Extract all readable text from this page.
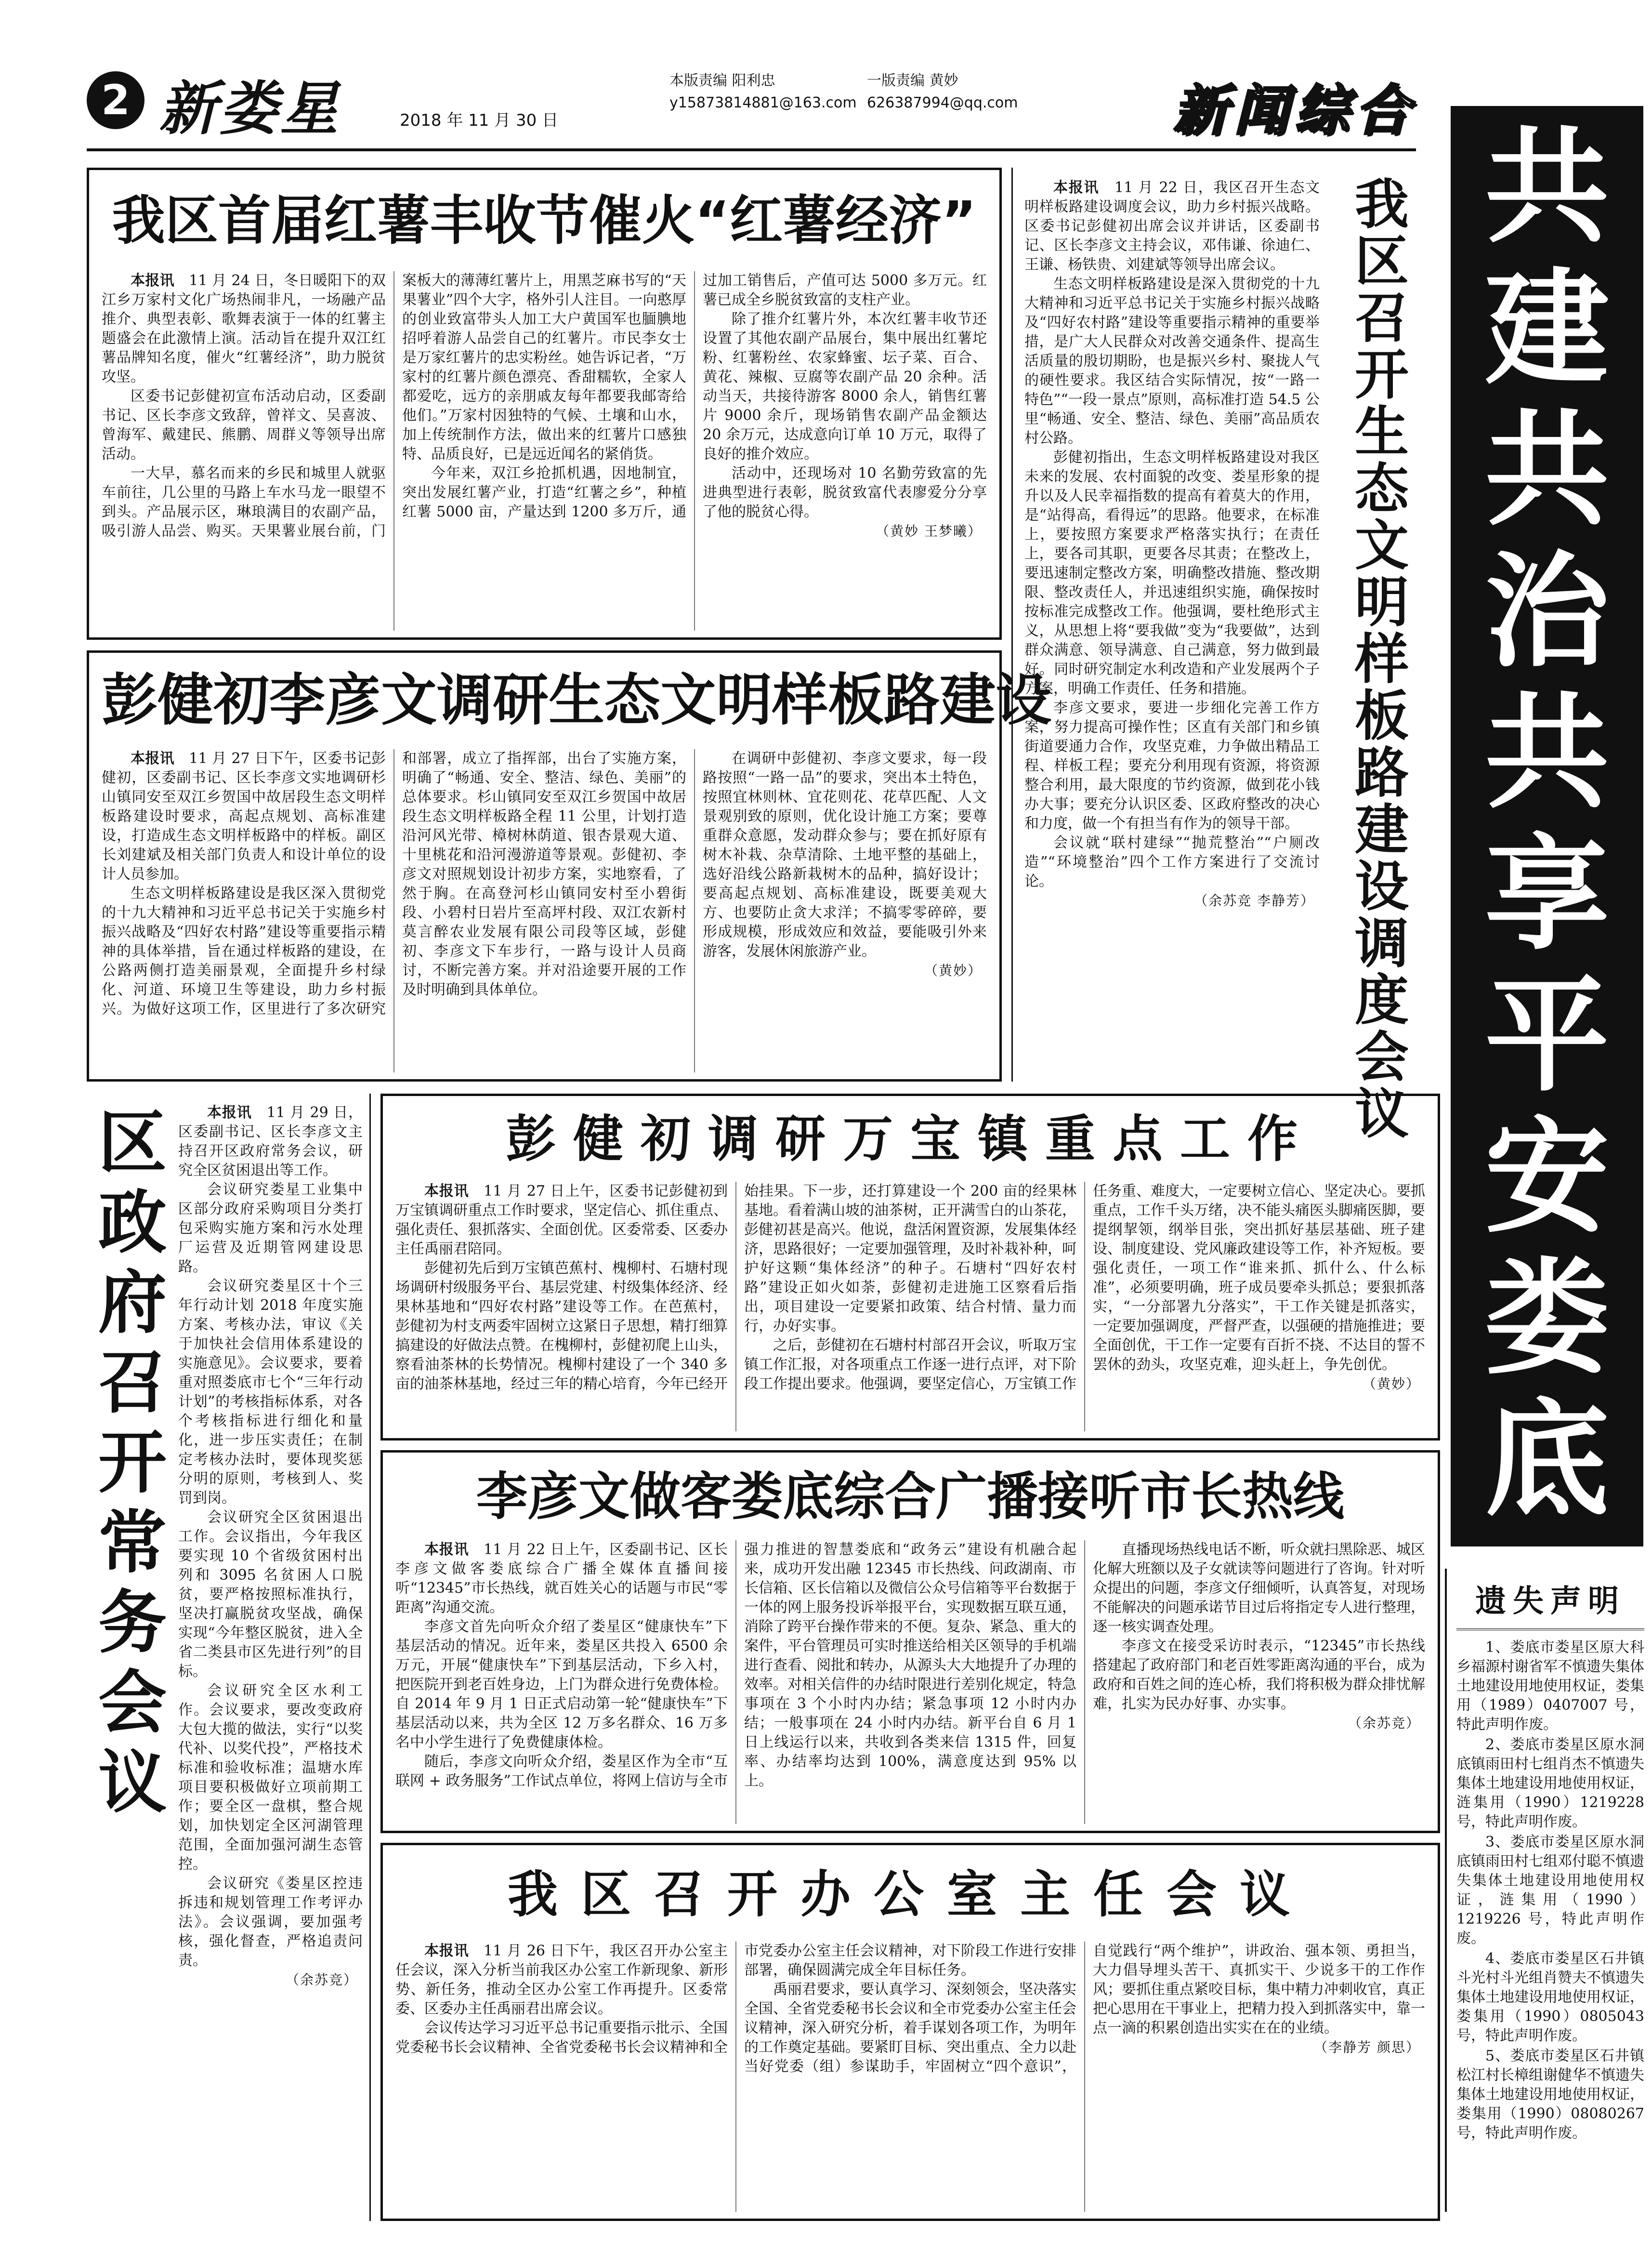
2 新娄星	2018 年 11 月 30 日
本版责编 阳利忠
y15873814881@163.com
一版责编 黄妙
626387994@qq.com	新闻综合
共
建
共
治
共
享
平
安
娄
底
我区首届红薯丰收节催火“红薯经济”

本报讯　 11 月 24 日，冬日暖阳下的双江乡万家村文化广场热闹非凡，一场融产品推介、典型表彰、歌舞表演于一体的红薯主题盛会在此激情上演。活动旨在提升双江红薯品牌知名度，催火“红薯经济”，助力脱贫攻坚。

区委书记彭健初宣布活动启动，区委副书记、区长李彦文致辞，曾祥文、吴喜波、曾海军、戴建民、熊鹏、周群义等领导出席活动。

一大早，慕名而来的乡民和城里人就驱车前往，几公里的马路上车水马龙一眼望不到头。产品展示区，琳琅满目的农副产品，吸引游人品尝、购买。天果薯业展台前，门案板大的薄薄红薯片上，用黑芝麻书写的“天果薯业”四个大字，格外引人注目。一向憨厚的创业致富带头人加工大户黄国军也腼腆地招呼着游人品尝自己的红薯片。市民李女士是万家红薯片的忠实粉丝。她告诉记者，“万家村的红薯片颜色漂亮、香甜糯软，全家人都爱吃，远方的亲朋戚友每年都要我邮寄给他们。”万家村因独特的气候、土壤和山水，加上传统制作方法，做出来的红薯片口感独特、品质良好，已是远近闻名的紧俏货。

今年来，双江乡抢抓机遇，因地制宜，突出发展红薯产业，打造“红薯之乡”，种植红薯 5000 亩，产量达到 1200 多万斤，通过加工销售后，产值可达 5000 多万元。红薯已成全乡脱贫致富的支柱产业。

除了推介红薯片外，本次红薯丰收节还设置了其他农副产品展台，集中展出红薯坨粉、红薯粉丝、农家蜂蜜、坛子菜、百合、黄花、辣椒、豆腐等农副产品 20 余种。活动当天，共接待游客 8000 余人，销售红薯片 9000 余斤，现场销售农副产品金额达 20 余万元，达成意向订单 10 万元，取得了良好的推介效应。

活动中，还现场对 10 名勤劳致富的先进典型进行表彰，脱贫致富代表廖爱分分享了他的脱贫心得。

（黄妙 王梦曦）
彭健初李彦文调研生态文明样板路建设

本报讯　 11 月 27 日下午，区委书记彭健初，区委副书记、区长李彦文实地调研杉山镇同安至双江乡贺国中故居段生态文明样板路建设时要求，高起点规划、高标准建设，打造成生态文明样板路中的样板。副区长刘建斌及相关部门负责人和设计单位的设计人员参加。

生态文明样板路建设是我区深入贯彻党的十九大精神和习近平总书记关于实施乡村振兴战略及“四好农村路”建设等重要指示精神的具体举措，旨在通过样板路的建设，在公路两侧打造美丽景观，全面提升乡村绿化、河道、环境卫生等建设，助力乡村振兴。为做好这项工作，区里进行了多次研究和部署，成立了指挥部，出台了实施方案，明确了“畅通、安全、整洁、绿色、美丽”的总体要求。杉山镇同安至双江乡贺国中故居段生态文明样板路全程 11 公里，计划打造沿河风光带、樟树林荫道、银杏景观大道、十里桃花和沿河漫游道等景观。彭健初、李彦文对照规划设计初步方案，实地察看，了然于胸。在高登河杉山镇同安村至小碧街段、小碧村日岩片至高坪村段、双江农新村莫言醉农业发展有限公司段等区域，彭健初、李彦文下车步行，一路与设计人员商讨，不断完善方案。并对沿途要开展的工作及时明确到具体单位。

在调研中彭健初、李彦文要求，每一段路按照“一路一品”的要求，突出本土特色，按照宜林则林、宜花则花、花草匹配、人文景观别致的原则，优化设计施工方案；要尊重群众意愿，发动群众参与；要在抓好原有树木补栽、杂草清除、土地平整的基础上，选好沿线公路新栽树木的品种，搞好设计；要高起点规划、高标准建设，既要美观大方、也要防止贪大求洋；不搞零零碎碎，要形成规模，形成效应和效益，要能吸引外来游客，发展休闲旅游产业。

（黄妙）

本报讯　 11 月 22 日，我区召开生态文明样板路建设调度会议，助力乡村振兴战略。区委书记彭健初出席会议并讲话，区委副书记、区长李彦文主持会议，邓伟谦、徐迪仁、王谦、杨铁贵、刘建斌等领导出席会议。

生态文明样板路建设是深入贯彻党的十九大精神和习近平总书记关于实施乡村振兴战略及“四好农村路”建设等重要指示精神的重要举措，是广大人民群众对改善交通条件、提高生活质量的殷切期盼，也是振兴乡村、聚拢人气的硬性要求。我区结合实际情况，按“一路一特色”“一段一景点”原则，高标准打造 54.5 公里“畅通、安全、整洁、绿色、美丽”高品质农村公路。

彭健初指出，生态文明样板路建设对我区未来的发展、农村面貌的改变、娄星形象的提升以及人民幸福指数的提高有着莫大的作用，是“站得高，看得远”的思路。他要求，在标准上，要按照方案要求严格落实执行；在责任上，要各司其职，更要各尽其责；在整改上，要迅速制定整改方案，明确整改措施、整改期限、整改责任人，并迅速组织实施，确保按时按标准完成整改工作。他强调，要杜绝形式主义，从思想上将“要我做”变为“我要做”，达到群众满意、领导满意、自己满意，努力做到最好。同时研究制定水利改造和产业发展两个子方案，明确工作责任、任务和措施。

李彦文要求，要进一步细化完善工作方案，努力提高可操作性；区直有关部门和乡镇街道要通力合作，攻坚克难，力争做出精品工程、样板工程；要充分利用现有资源，将资源整合利用，最大限度的节约资源，做到花小钱办大事；要充分认识区委、区政府整改的决心和力度，做一个有担当有作为的领导干部。

会议就“联村建绿”“抛荒整治”“户厕改造”“环境整治”四个工作方案进行了交流讨论。

（余苏竞 李静芳）
我
区
召
开
生
态
文
明
样
板
路
建
设
调
度
会
议
区
政
府
召
开
常
务
会
议

本报讯　 11 月 29 日，区委副书记、区长李彦文主持召开区政府常务会议，研究全区贫困退出等工作。

会议研究娄星工业集中区部分政府采购项目分类打包采购实施方案和污水处理厂运营及近期管网建设思路。

会议研究娄星区十个三年行动计划 2018 年度实施方案、考核办法，审议《关于加快社会信用体系建设的实施意见》。会议要求，要着重对照娄底市七个“三年行动计划”的考核指标体系，对各个考核指标进行细化和量化，进一步压实责任；在制定考核办法时，要体现奖惩分明的原则，考核到人、奖罚到岗。

会议研究全区贫困退出工作。会议指出，今年我区要实现 10 个省级贫困村出列和 3095 名贫困人口脱贫，要严格按照标准执行，坚决打赢脱贫攻坚战，确保实现“今年整区脱贫，进入全省二类县市区先进行列”的目标。

会议研究全区水利工作。会议要求，要改变政府大包大揽的做法，实行“以奖代补、以奖代投”，严格技术标准和验收标准；温塘水库项目要积极做好立项前期工作；要全区一盘棋，整合规划，加快划定全区河湖管理范围，全面加强河湖生态管控。

会议研究《娄星区控违拆违和规划管理工作考评办法》。会议强调，要加强考核，强化督查，严格追责问责。

（余苏竞）
彭健初调研万宝镇重点工作

本报讯　 11 月 27 日上午，区委书记彭健初到万宝镇调研重点工作时要求，坚定信心、抓住重点、强化责任、狠抓落实、全面创优。区委常委、区委办主任禹丽君陪同。

彭健初先后到万宝镇芭蕉村、槐柳村、石塘村现场调研村级服务平台、基层党建、村级集体经济、经果林基地和“四好农村路”建设等工作。在芭蕉村，彭健初为村支两委牢固树立这紧日子思想，精打细算搞建设的好做法点赞。在槐柳村，彭健初爬上山头，察看油茶林的长势情况。槐柳村建设了一个 340 多亩的油茶林基地，经过三年的精心培育，今年已经开始挂果。下一步，还打算建设一个 200 亩的经果林基地。看着满山坡的油茶树，正开满雪白的山茶花，彭健初甚是高兴。他说，盘活闲置资源，发展集体经济，思路很好；一定要加强管理，及时补栽补种，呵护好这颗“集体经济”的种子。石塘村“四好农村路”建设正如火如荼，彭健初走进施工区察看后指出，项目建设一定要紧扣政策、结合村情、量力而行，办好实事。

之后，彭健初在石塘村村部召开会议，听取万宝镇工作汇报，对各项重点工作逐一进行点评，对下阶段工作提出要求。他强调，要坚定信心，万宝镇工作任务重、难度大，一定要树立信心、坚定决心。要抓重点，工作千头万绪，决不能头痛医头脚痛医脚，要提纲挈领，纲举目张，突出抓好基层基础、班子建设、制度建设、党风廉政建设等工作，补齐短板。要强化责任，一项工作“谁来抓、抓什么、什么标准”，必须要明确，班子成员要牵头抓总；要狠抓落实，“一分部署九分落实”，干工作关键是抓落实，一定要加强调度，严督严查，以强硬的措施推进；要全面创优，干工作一定要有百折不挠、不达目的誓不罢休的劲头，攻坚克难，迎头赶上，争先创优。

（黄妙）
李彦文做客娄底综合广播接听市长热线

本报讯　 11 月 22 日上午，区委副书记、区长李彦文做客娄底综合广播全媒体直播间接听“12345”市长热线，就百姓关心的话题与市民“零距离”沟通交流。

李彦文首先向听众介绍了娄星区“健康快车”下基层活动的情况。近年来，娄星区共投入 6500 余万元，开展“健康快车”下到基层活动，下乡入村，把医院开到老百姓身边，上门为群众进行免费体检。自 2014 年 9 月 1 日正式启动第一轮“健康快车”下基层活动以来，共为全区 12 万多名群众、16 万多名中小学生进行了免费健康体检。

随后，李彦文向听众介绍，娄星区作为全市“互联网 + 政务服务”工作试点单位，将网上信访与全市强力推进的智慧娄底和“政务云”建设有机融合起来，成功开发出融 12345 市长热线、问政湖南、市长信箱、区长信箱以及微信公众号信箱等平台数据于一体的网上服务投诉举报平台，实现数据互联互通，消除了跨平台操作带来的不便。复杂、紧急、重大的案件，平台管理员可实时推送给相关区领导的手机端进行查看、阅批和转办，从源头大大地提升了办理的效率。对相关信件的办结时限进行差别化规定，特急事项在 3 个小时内办结；紧急事项 12 小时内办结；一般事项在 24 小时内办结。新平台自 6 月 1 日上线运行以来，共收到各类来信 1315 件，回复率、办结率均达到 100%，满意度达到 95% 以上。

直播现场热线电话不断，听众就扫黑除恶、城区化解大班额以及子女就读等问题进行了咨询。针对听众提出的问题，李彦文仔细倾听，认真答复，对现场不能解决的问题承诺节目过后将指定专人进行整理，逐一核实调查处理。

李彦文在接受采访时表示，“12345”市长热线搭建起了政府部门和老百姓零距离沟通的平台，成为政府和百姓之间的连心桥，我们将积极为群众排忧解难，扎实为民办好事、办实事。

（余苏竞）
我区召开办公室主任会议

本报讯　 11 月 26 日下午，我区召开办公室主任会议，深入分析当前我区办公室工作新现象、新形势、新任务，推动全区办公室工作再提升。区委常委、区委办主任禹丽君出席会议。

会议传达学习习近平总书记重要指示批示、全国党委秘书长会议精神、全省党委秘书长会议精神和全市党委办公室主任会议精神，对下阶段工作进行安排部署，确保圆满完成全年目标任务。

禹丽君要求，要认真学习、深刻领会，坚决落实全国、全省党委秘书长会议和全市党委办公室主任会议精神，深入研究分析，着手谋划各项工作，为明年的工作奠定基础。要紧盯目标、突出重点、全力以赴当好党委（组）参谋助手，牢固树立“四个意识”，自觉践行“两个维护”，讲政治、强本领、勇担当，大力倡导埋头苦干、真抓实干、少说多干的工作作风；要抓住重点紧咬目标，集中精力冲刺收官，真正把心思用在干事业上，把精力投入到抓落实中，靠一点一滴的积累创造出实实在在的业绩。

（李静芳 颜思）
遗失声明

1、娄底市娄星区原大科乡福源村谢省军不慎遗失集体土地建设用地使用权证，娄集用（1989）0407007 号，特此声明作废。

2、娄底市娄星区原水洞底镇雨田村七组肖杰不慎遗失集体土地建设用地使用权证，涟集用（1990）1219228 号，特此声明作废。

3、娄底市娄星区原水洞底镇雨田村七组邓付聪不慎遗失集体土地建设用地使用权证，涟集用（1990）1219226 号，特此声明作废。

4、娄底市娄星区石井镇斗光村斗光组肖赞夫不慎遗失集体土地建设用地使用权证，娄集用（1990）0805043 号，特此声明作废。

5、娄底市娄星区石井镇松江村长樟组谢健华不慎遗失集体土地建设用地使用权证，娄集用（1990）08080267 号，特此声明作废。
